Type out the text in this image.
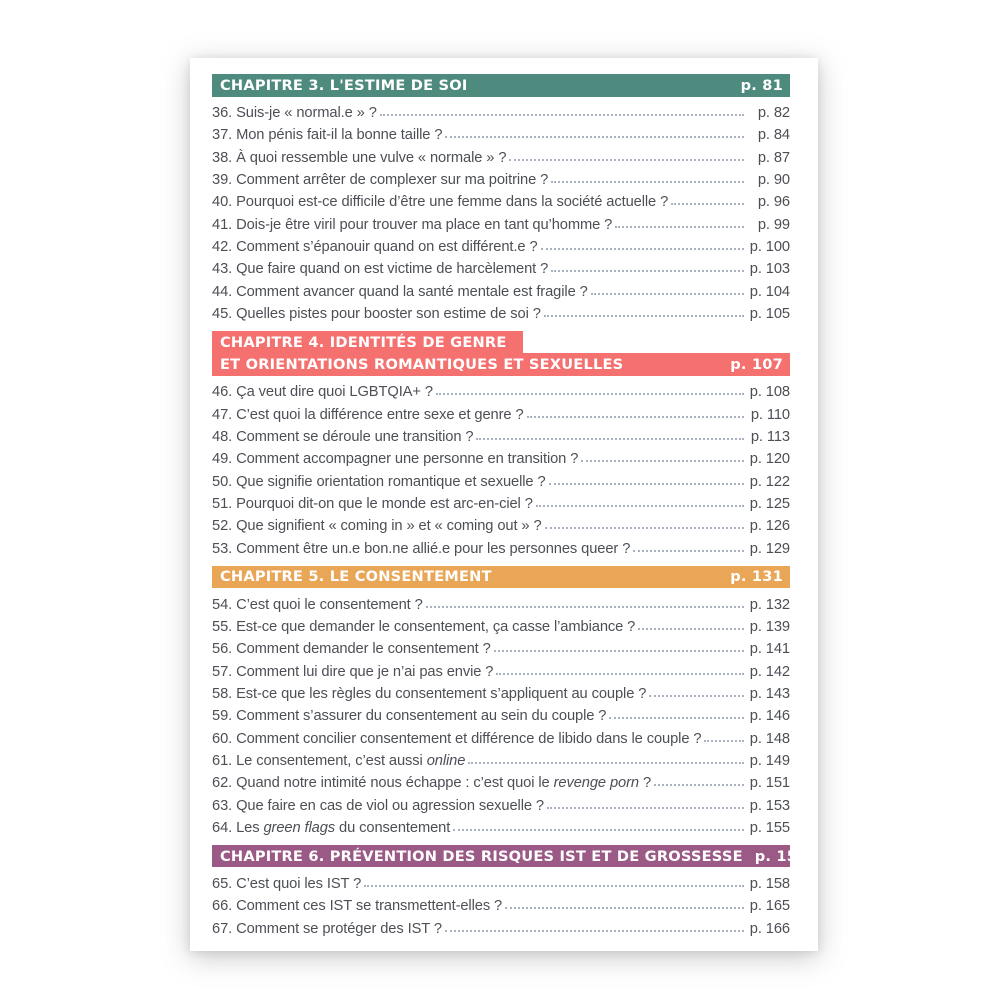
CHAPITRE 3. L'ESTIME DE SOI	p. 81
36. Suis-je « normal.e » ?	p. 82
37. Mon pénis fait-il la bonne taille ?	p. 84
38. À quoi ressemble une vulve « normale » ?	p. 87
39. Comment arrêter de complexer sur ma poitrine ?	p. 90
40. Pourquoi est-ce difficile d’être une femme dans la société actuelle ?	p. 96
41. Dois-je être viril pour trouver ma place en tant qu’homme ?	p. 99
42. Comment s’épanouir quand on est différent.e ?	p. 100
43. Que faire quand on est victime de harcèlement ?	p. 103
44. Comment avancer quand la santé mentale est fragile ?	p. 104
45. Quelles pistes pour booster son estime de soi ?	p. 105
CHAPITRE 4. IDENTITÉS DE GENRE

ET ORIENTATIONS ROMANTIQUES ET SEXUELLES	p. 107
46. Ça veut dire quoi LGBTQIA+ ?	p. 108
47. C’est quoi la différence entre sexe et genre ?	p. 110
48. Comment se déroule une transition ?	p. 113
49. Comment accompagner une personne en transition ?	p. 120
50. Que signifie orientation romantique et sexuelle ?	p. 122
51. Pourquoi dit-on que le monde est arc-en-ciel ?	p. 125
52. Que signifient « coming in » et « coming out » ?	p. 126
53. Comment être un.e bon.ne allié.e pour les personnes queer ?	p. 129
CHAPITRE 5. LE CONSENTEMENT	p. 131
54. C’est quoi le consentement ?	p. 132
55. Est-ce que demander le consentement, ça casse l’ambiance ?	p. 139
56. Comment demander le consentement ?	p. 141
57. Comment lui dire que je n’ai pas envie ?	p. 142
58. Est-ce que les règles du consentement s’appliquent au couple ?	p. 143
59. Comment s’assurer du consentement au sein du couple ?	p. 146
60. Comment concilier consentement et différence de libido dans le couple ?	p. 148
61. Le consentement, c’est aussi online	p. 149
62. Quand notre intimité nous échappe : c’est quoi le revenge porn ?	p. 151
63. Que faire en cas de viol ou agression sexuelle ?	p. 153
64. Les green flags du consentement	p. 155
CHAPITRE 6. PRÉVENTION DES RISQUES IST ET DE GROSSESSE p. 157
65. C’est quoi les IST ?	p. 158
66. Comment ces IST se transmettent-elles ?	p. 165
67. Comment se protéger des IST ?	p. 166
